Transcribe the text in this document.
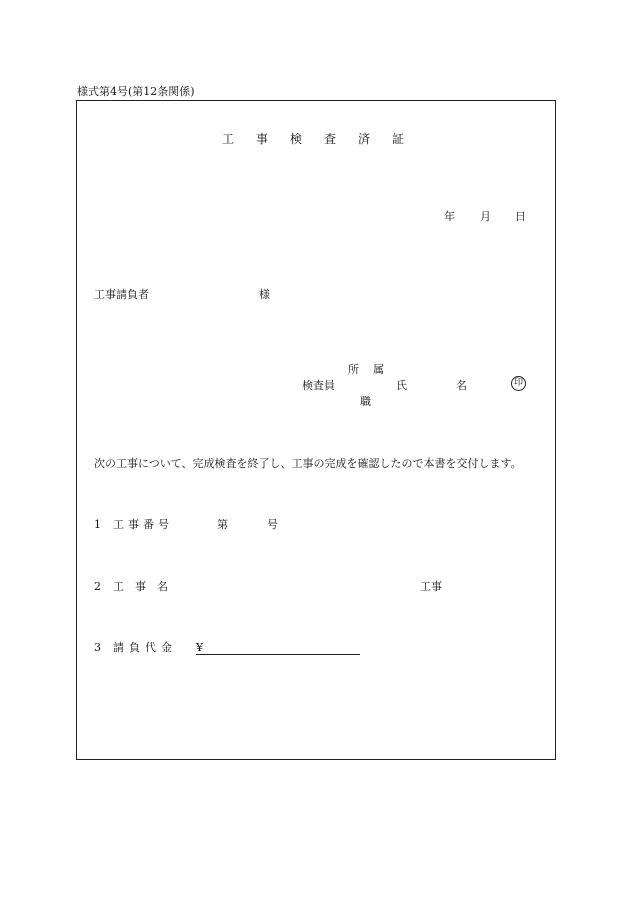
様式第4号(第12条関係)
工事検査済証
年 月 日
工事請負者	様
所属
検査員	氏	名
職
印
次の工事について、完成検査を終了し、工事の完成を確認したので本書を交付します。
1 工事番号	第	号
2 工事名	工事
3 請負代金 ¥
